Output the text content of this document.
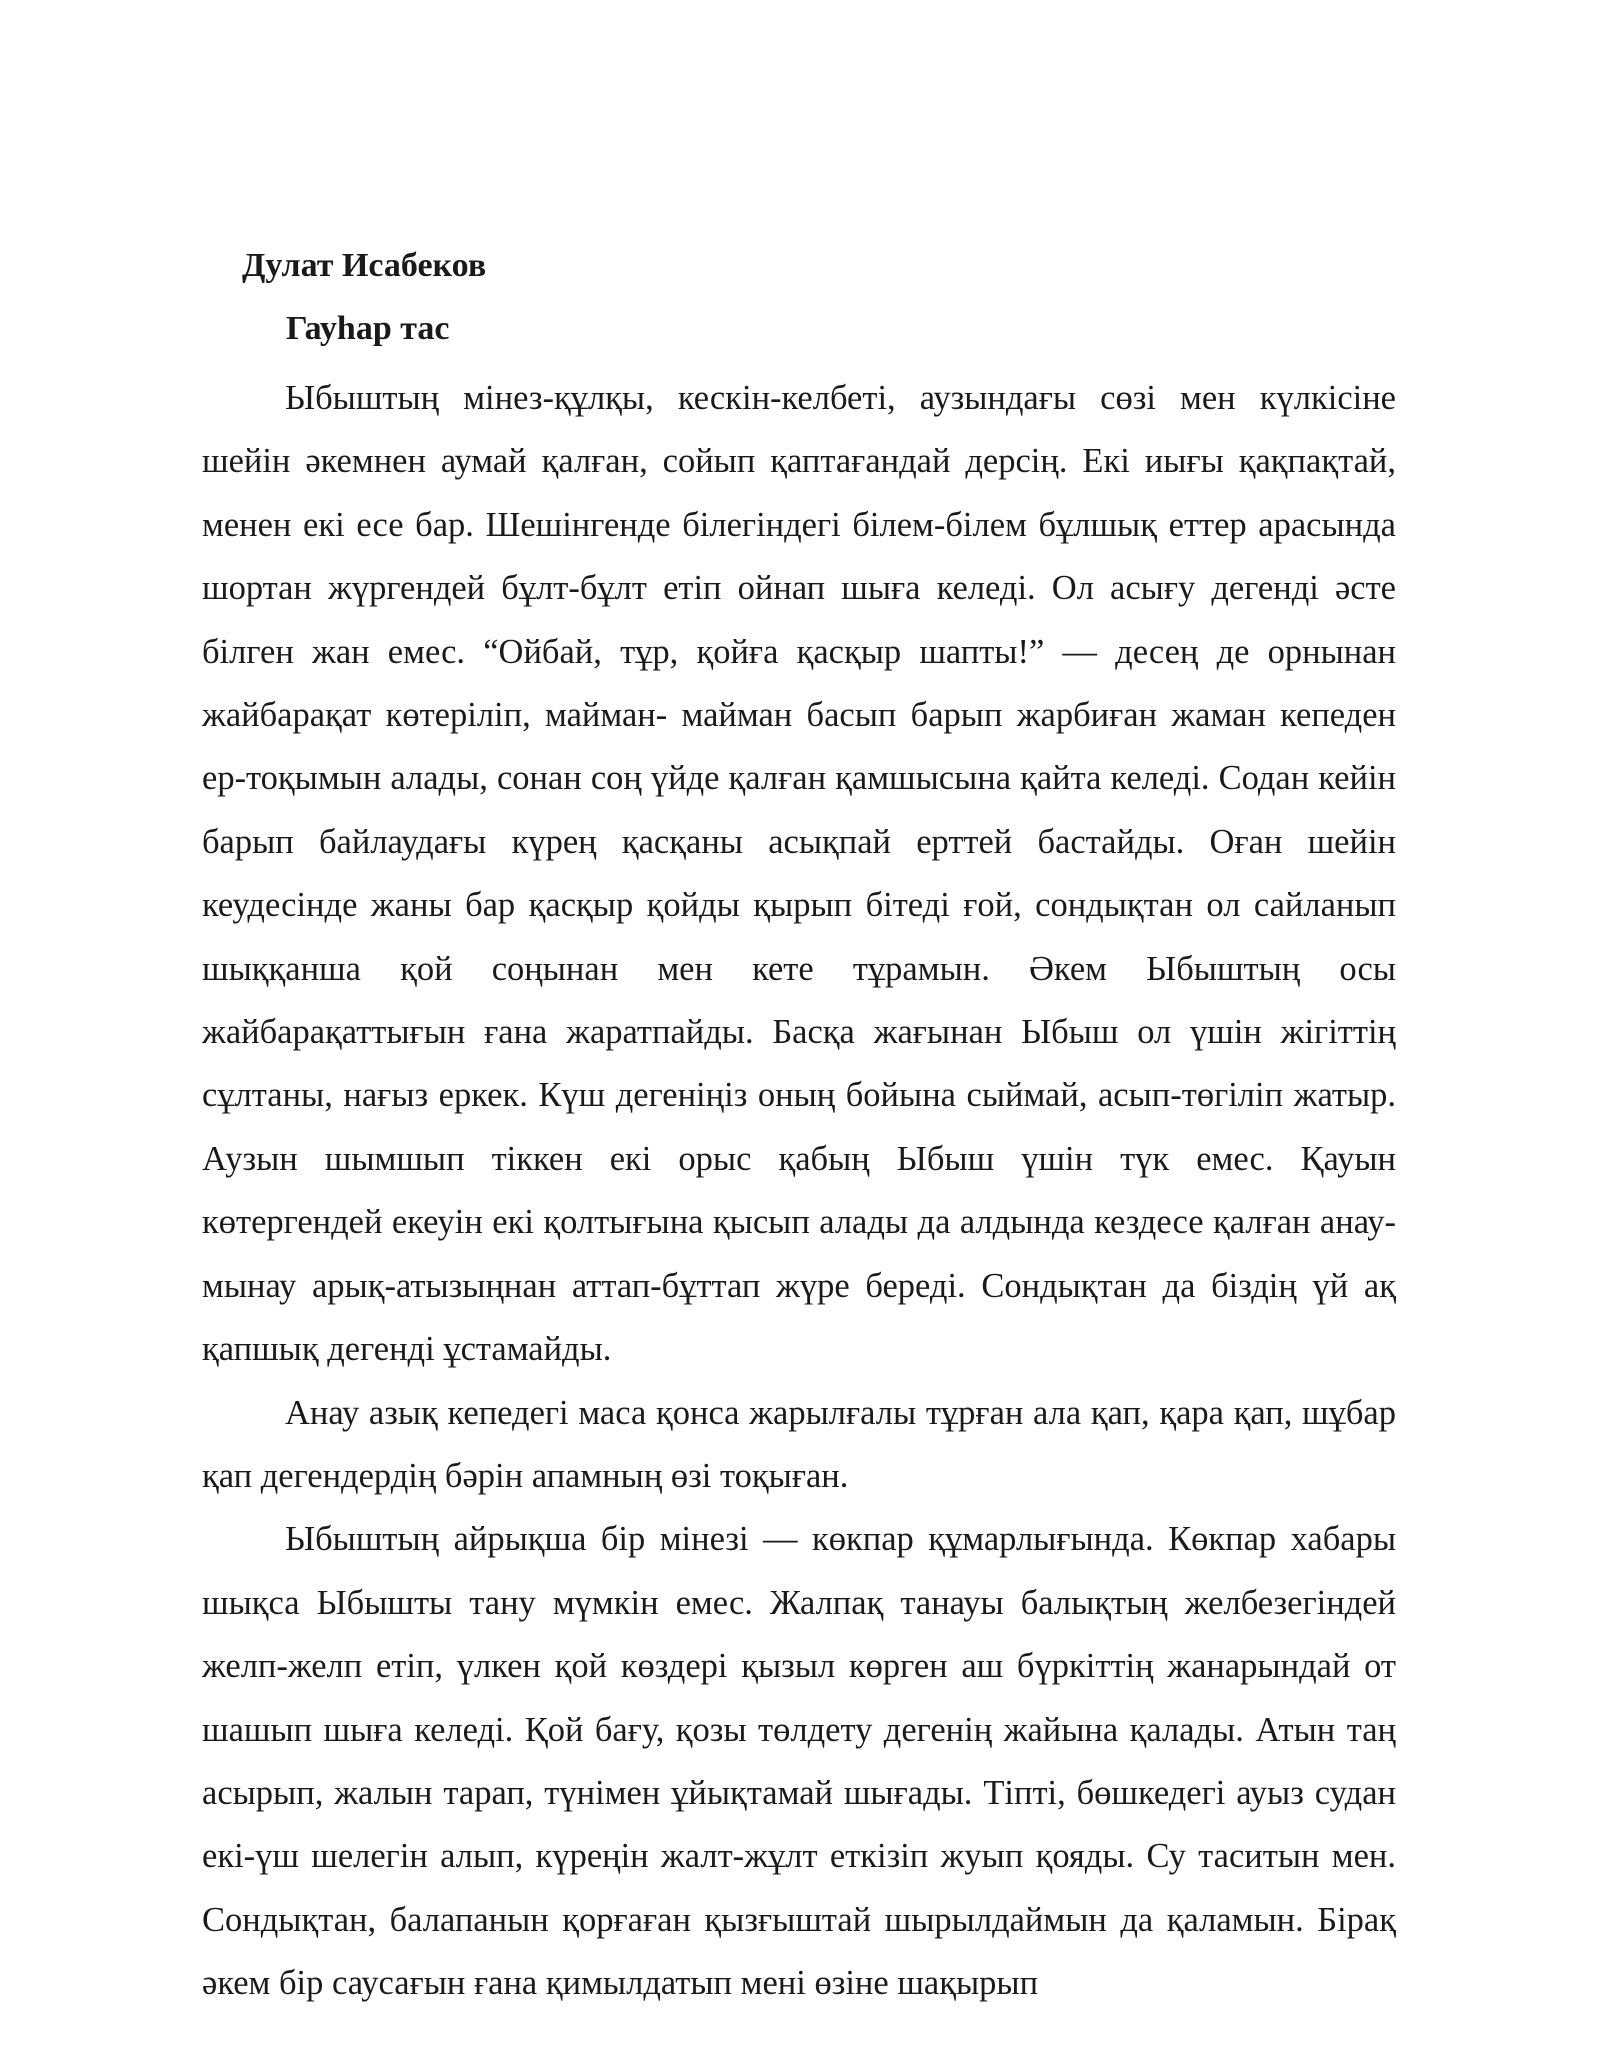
Дулат Исабеков
Гауһар тас

Ыбыштың мінез-құлқы, кескін-келбеті, аузындағы сөзі мен күлкісіне шейін әкемнен аумай қалған, сойып қаптағандай дерсің. Екі иығы қақпақтай, менен екі есе бар. Шешінгенде білегіндегі білем-білем бұлшық еттер арасында шортан жүргендей бұлт-бұлт етіп ойнап шыға келеді. Ол асығу дегенді әсте білген жан емес. “Ойбай, тұр, қойға қасқыр шапты!” — десең де орнынан жайбарақат көтеріліп, майман- майман басып барып жарбиған жаман кепеден ер-тоқымын алады, сонан соң үйде қалған қамшысына қайта келеді. Содан кейін барып байлаудағы күрең қасқаны асықпай ерттей бастайды. Оған шейін кеудесінде жаны бар қасқыр қойды қырып бітеді ғой, сондықтан ол сайланып шыққанша қой соңынан мен кете тұрамын. Әкем Ыбыштың осы жайбарақаттығын ғана жаратпайды. Басқа жағынан Ыбыш ол үшін жігіттің сұлтаны, нағыз еркек. Күш дегеніңіз оның бойына сыймай, асып-төгіліп жатыр. Аузын шымшып тіккен екі орыс қабың Ыбыш үшін түк емес. Қауын көтергендей екеуін екі қолтығына қысып алады да алдында кездесе қалған анау-мынау арық-атызыңнан аттап-бұттап жүре береді. Сондықтан да біздің үй ақ қапшық дегенді ұстамайды.

Анау азық кепедегі маса қонса жарылғалы тұрған ала қап, қара қап, шұбар қап дегендердің бәрін апамның өзі тоқыған.

Ыбыштың айрықша бір мінезі — көкпар құмарлығында. Көкпар хабары шықса Ыбышты тану мүмкін емес. Жалпақ танауы балықтың желбезегіндей желп-желп етіп, үлкен қой көздері қызыл көрген аш бүркіттің жанарындай от шашып шыға келеді. Қой бағу, қозы төлдету дегенің жайына қалады. Атын таң асырып, жалын тарап, түнімен ұйықтамай шығады. Тіпті, бөшкедегі ауыз судан екі-үш шелегін алып, күреңін жалт-жұлт еткізіп жуып қояды. Су таситын мен. Сондықтан, балапанын қорғаған қызғыштай шырылдаймын да қаламын. Бірақ әкем бір саусағын ғана қимылдатып мені өзіне шақырып
